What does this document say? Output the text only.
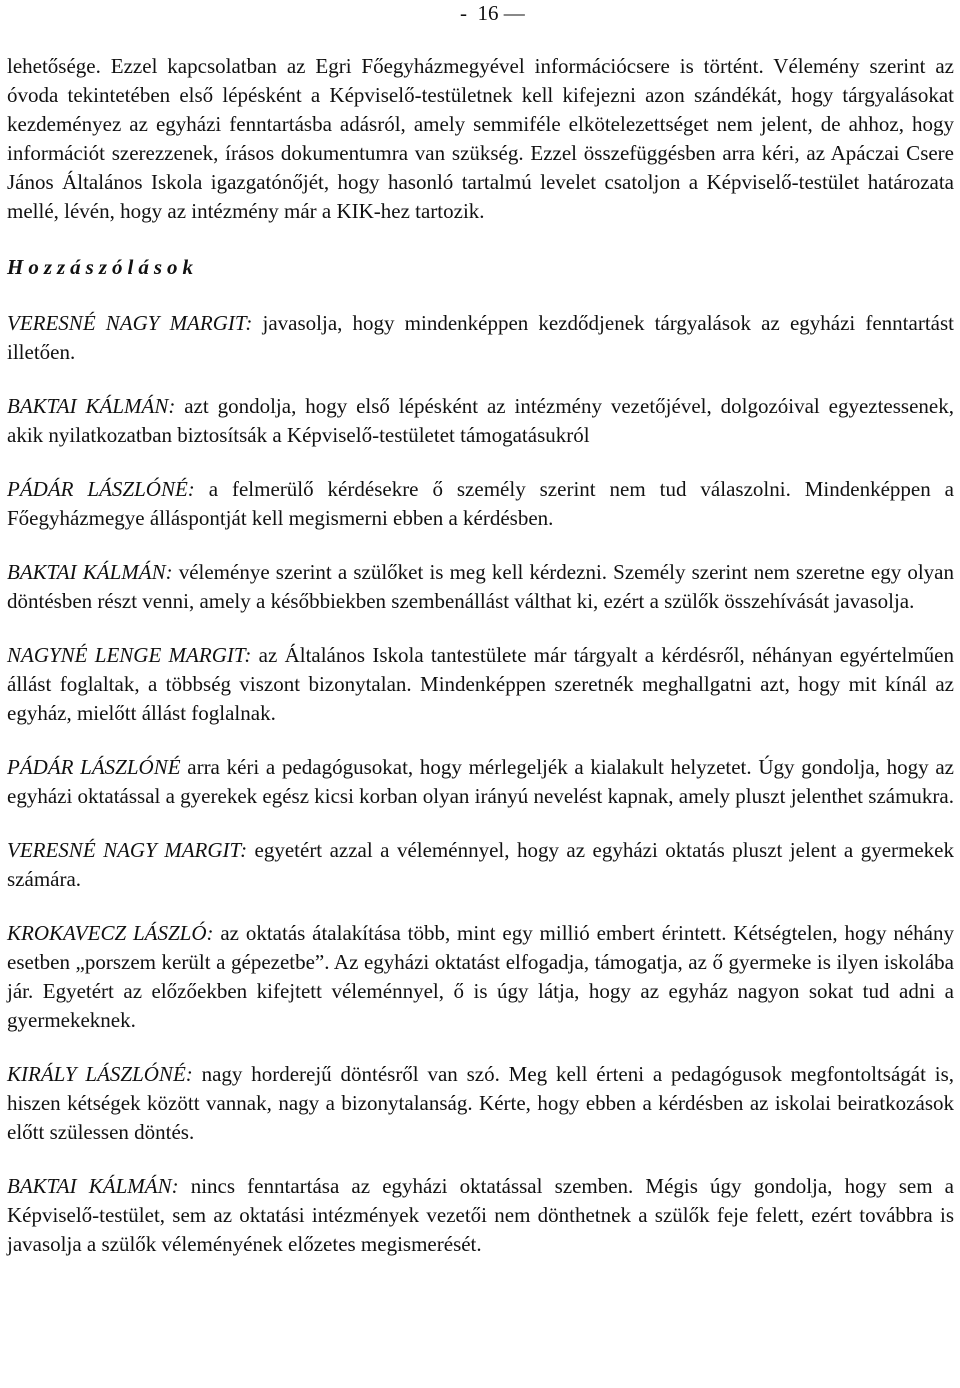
-  16 —

lehetősége. Ezzel kapcsolatban az Egri Főegyházmegyével információcsere is történt. Vélemény szerint az óvoda tekintetében első lépésként a Képviselő-testületnek kell kifejezni azon szándékát, hogy tárgyalásokat kezdeményez az egyházi fenntartásba adásról, amely semmiféle elkötelezettséget nem jelent, de ahhoz, hogy információt szerezzenek, írásos dokumentumra van szükség. Ezzel összefüggésben arra kéri, az Apáczai Csere János Általános Iskola igazgatónőjét, hogy hasonló tartalmú levelet csatoljon a Képviselő-testület határozata mellé, lévén, hogy az intézmény már a KIK-hez tartozik.

Hozzászólások

VERESNÉ NAGY MARGIT: javasolja, hogy mindenképpen kezdődjenek tárgyalások az egyházi fenntartást illetően.

BAKTAI KÁLMÁN: azt gondolja, hogy első lépésként az intézmény vezetőjével, dolgozóival egyeztessenek, akik nyilatkozatban biztosítsák a Képviselő-testületet támogatásukról

PÁDÁR LÁSZLÓNÉ: a felmerülő kérdésekre ő személy szerint nem tud válaszolni. Mindenképpen a Főegyházmegye álláspontját kell megismerni ebben a kérdésben.

BAKTAI KÁLMÁN: véleménye szerint a szülőket is meg kell kérdezni. Személy szerint nem szeretne egy olyan döntésben részt venni, amely a későbbiekben szembenállást válthat ki, ezért a szülők összehívását javasolja.

NAGYNÉ LENGE MARGIT: az Általános Iskola tantestülete már tárgyalt a kérdésről, néhányan egyértelműen állást foglaltak, a többség viszont bizonytalan. Mindenképpen szeretnék meghallgatni azt, hogy mit kínál az egyház, mielőtt állást foglalnak.

PÁDÁR LÁSZLÓNÉ arra kéri a pedagógusokat, hogy mérlegeljék a kialakult helyzetet. Úgy gondolja, hogy az egyházi oktatással a gyerekek egész kicsi korban olyan irányú nevelést kapnak, amely pluszt jelenthet számukra.

VERESNÉ NAGY MARGIT: egyetért azzal a véleménnyel, hogy az egyházi oktatás pluszt jelent a gyermekek számára.

KROKAVECZ LÁSZLÓ: az oktatás átalakítása több, mint egy millió embert érintett. Kétségtelen, hogy néhány esetben „porszem került a gépezetbe”. Az egyházi oktatást elfogadja, támogatja, az ő gyermeke is ilyen iskolába jár. Egyetért az előzőekben kifejtett véleménnyel, ő is úgy látja, hogy az egyház nagyon sokat tud adni a gyermekeknek.

KIRÁLY LÁSZLÓNÉ: nagy horderejű döntésről van szó. Meg kell érteni a pedagógusok megfontoltságát is, hiszen kétségek között vannak, nagy a bizonytalanság. Kérte, hogy ebben a kérdésben az iskolai beiratkozások előtt szülessen döntés.

BAKTAI KÁLMÁN: nincs fenntartása az egyházi oktatással szemben. Mégis úgy gondolja, hogy sem a Képviselő-testület, sem az oktatási intézmények vezetői nem dönthetnek a szülők feje felett, ezért továbbra is javasolja a szülők véleményének előzetes megismerését.
